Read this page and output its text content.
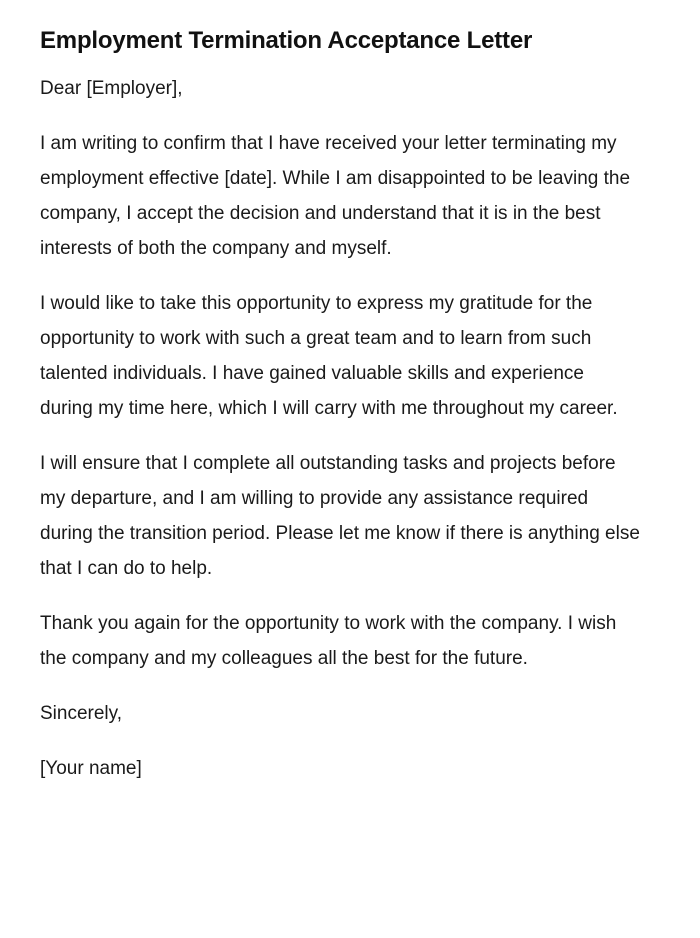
Employment Termination Acceptance Letter

Dear [Employer],

I am writing to confirm that I have received your letter terminating my employment effective [date]. While I am disappointed to be leaving the company, I accept the decision and understand that it is in the best interests of both the company and myself.

I would like to take this opportunity to express my gratitude for the opportunity to work with such a great team and to learn from such talented individuals. I have gained valuable skills and experience during my time here, which I will carry with me throughout my career.

I will ensure that I complete all outstanding tasks and projects before my departure, and I am willing to provide any assistance required during the transition period. Please let me know if there is anything else that I can do to help.

Thank you again for the opportunity to work with the company. I wish the company and my colleagues all the best for the future.

Sincerely,

[Your name]
